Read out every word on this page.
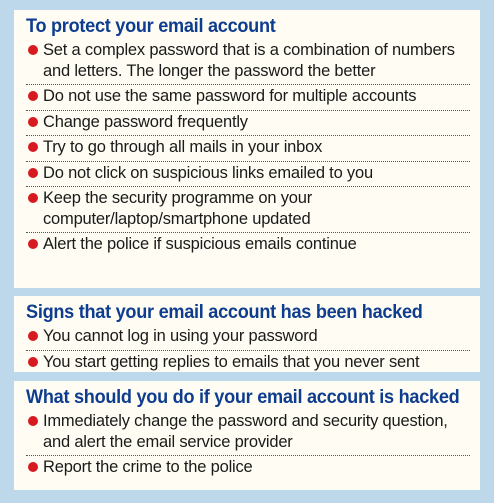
To protect your email account
Set a complex password that is a combination of numbers and letters. The longer the password the better
Do not use the same password for multiple accounts
Change password frequently
Try to go through all mails in your inbox
Do not click on suspicious links emailed to you
Keep the security programme on your computer/laptop/smartphone updated
Alert the police if suspicious emails continue
Signs that your email account has been hacked
You cannot log in using your password
You start getting replies to emails that you never sent
What should you do if your email account is hacked
Immediately change the password and security question, and alert the email service provider
Report the crime to the police
